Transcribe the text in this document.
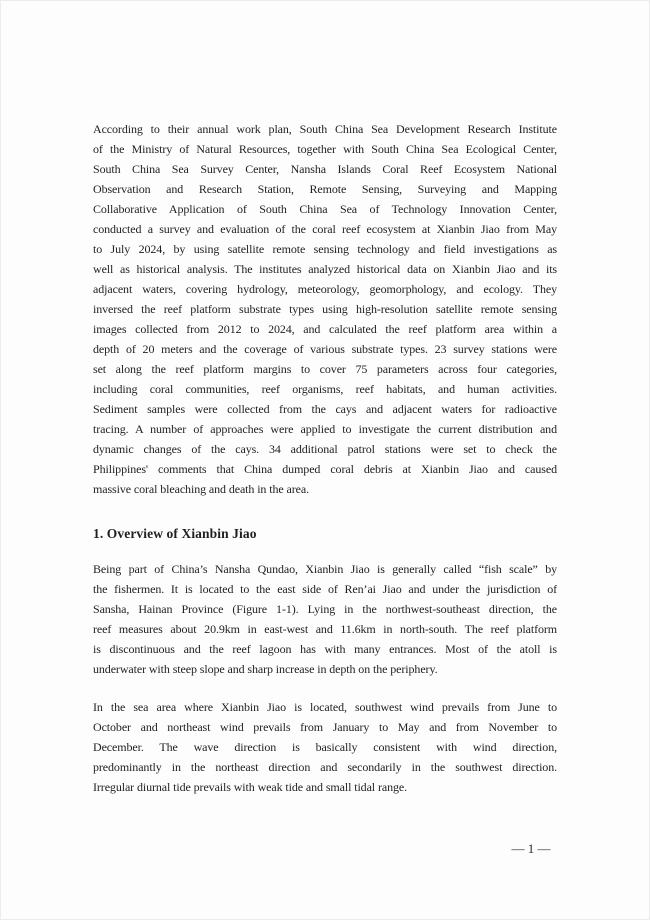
According to their annual work plan, South China Sea Development Research Institute
of the Ministry of Natural Resources, together with South China Sea Ecological Center,
South China Sea Survey Center, Nansha Islands Coral Reef Ecosystem National
Observation and Research Station, Remote Sensing, Surveying and Mapping
Collaborative Application of South China Sea of Technology Innovation Center,
conducted a survey and evaluation of the coral reef ecosystem at Xianbin Jiao from May
to July 2024, by using satellite remote sensing technology and field investigations as
well as historical analysis. The institutes analyzed historical data on Xianbin Jiao and its
adjacent waters, covering hydrology, meteorology, geomorphology, and ecology. They
inversed the reef platform substrate types using high-resolution satellite remote sensing
images collected from 2012 to 2024, and calculated the reef platform area within a
depth of 20 meters and the coverage of various substrate types. 23 survey stations were
set along the reef platform margins to cover 75 parameters across four categories,
including coral communities, reef organisms, reef habitats, and human activities.
Sediment samples were collected from the cays and adjacent waters for radioactive
tracing. A number of approaches were applied to investigate the current distribution and
dynamic changes of the cays. 34 additional patrol stations were set to check the
Philippines' comments that China dumped coral debris at Xianbin Jiao and caused
massive coral bleaching and death in the area.
1. Overview of Xianbin Jiao
Being part of China’s Nansha Qundao, Xianbin Jiao is generally called “fish scale” by
the fishermen. It is located to the east side of Ren’ai Jiao and under the jurisdiction of
Sansha, Hainan Province (Figure 1-1). Lying in the northwest-southeast direction, the
reef measures about 20.9km in east-west and 11.6km in north-south. The reef platform
is discontinuous and the reef lagoon has with many entrances. Most of the atoll is
underwater with steep slope and sharp increase in depth on the periphery.
In the sea area where Xianbin Jiao is located, southwest wind prevails from June to
October and northeast wind prevails from January to May and from November to
December. The wave direction is basically consistent with wind direction,
predominantly in the northeast direction and secondarily in the southwest direction.
Irregular diurnal tide prevails with weak tide and small tidal range.
— 1 —
